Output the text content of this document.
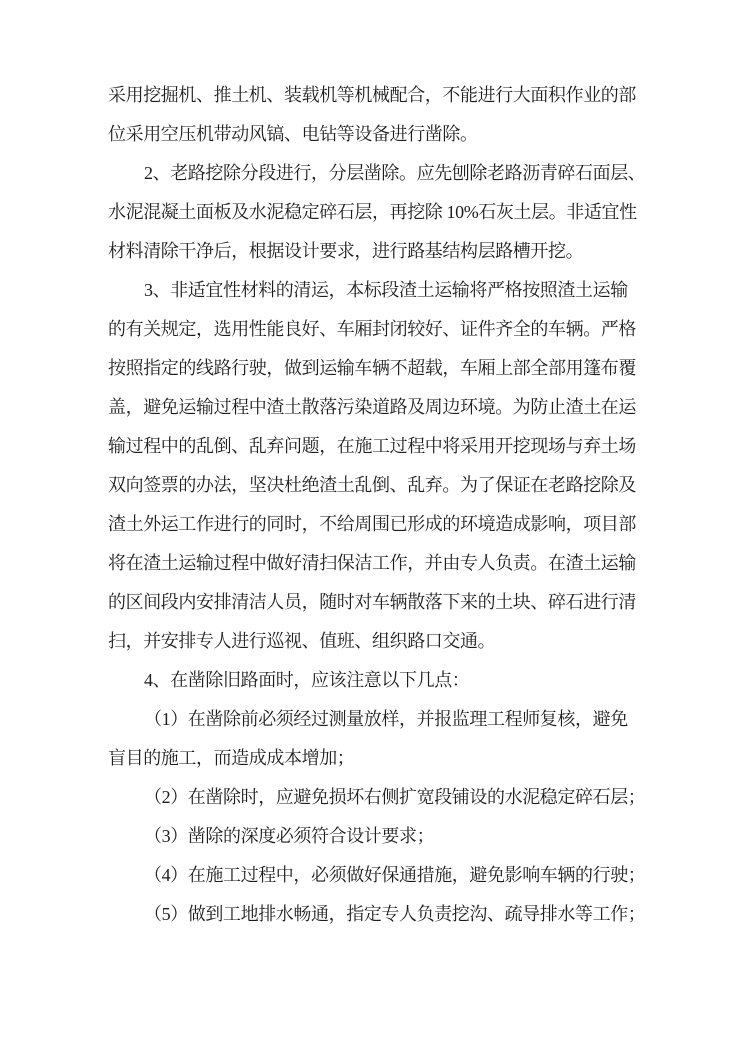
采用挖掘机、推土机、装载机等机械配合，不能进行大面积作业的部
位采用空压机带动风镐、电钻等设备进行凿除。
2、老路挖除分段进行，分层凿除。应先刨除老路沥青碎石面层、
水泥混凝土面板及水泥稳定碎石层，再挖除 10%石灰土层。非适宜性
材料清除干净后，根据设计要求，进行路基结构层路槽开挖。
3、非适宜性材料的清运，本标段渣土运输将严格按照渣土运输
的有关规定，选用性能良好、车厢封闭较好、证件齐全的车辆。严格
按照指定的线路行驶，做到运输车辆不超载，车厢上部全部用篷布覆
盖，避免运输过程中渣土散落污染道路及周边环境。为防止渣土在运
输过程中的乱倒、乱弃问题，在施工过程中将采用开挖现场与弃土场
双向签票的办法，坚决杜绝渣土乱倒、乱弃。为了保证在老路挖除及
渣土外运工作进行的同时，不给周围已形成的环境造成影响，项目部
将在渣土运输过程中做好清扫保洁工作，并由专人负责。在渣土运输
的区间段内安排清洁人员，随时对车辆散落下来的土块、碎石进行清
扫，并安排专人进行巡视、值班、组织路口交通。
4、在凿除旧路面时，应该注意以下几点：
（1）在凿除前必须经过测量放样，并报监理工程师复核，避免
盲目的施工，而造成成本增加；
（2）在凿除时，应避免损坏右侧扩宽段铺设的水泥稳定碎石层；
（3）凿除的深度必须符合设计要求；
（4）在施工过程中，必须做好保通措施，避免影响车辆的行驶；
（5）做到工地排水畅通，指定专人负责挖沟、疏导排水等工作；
